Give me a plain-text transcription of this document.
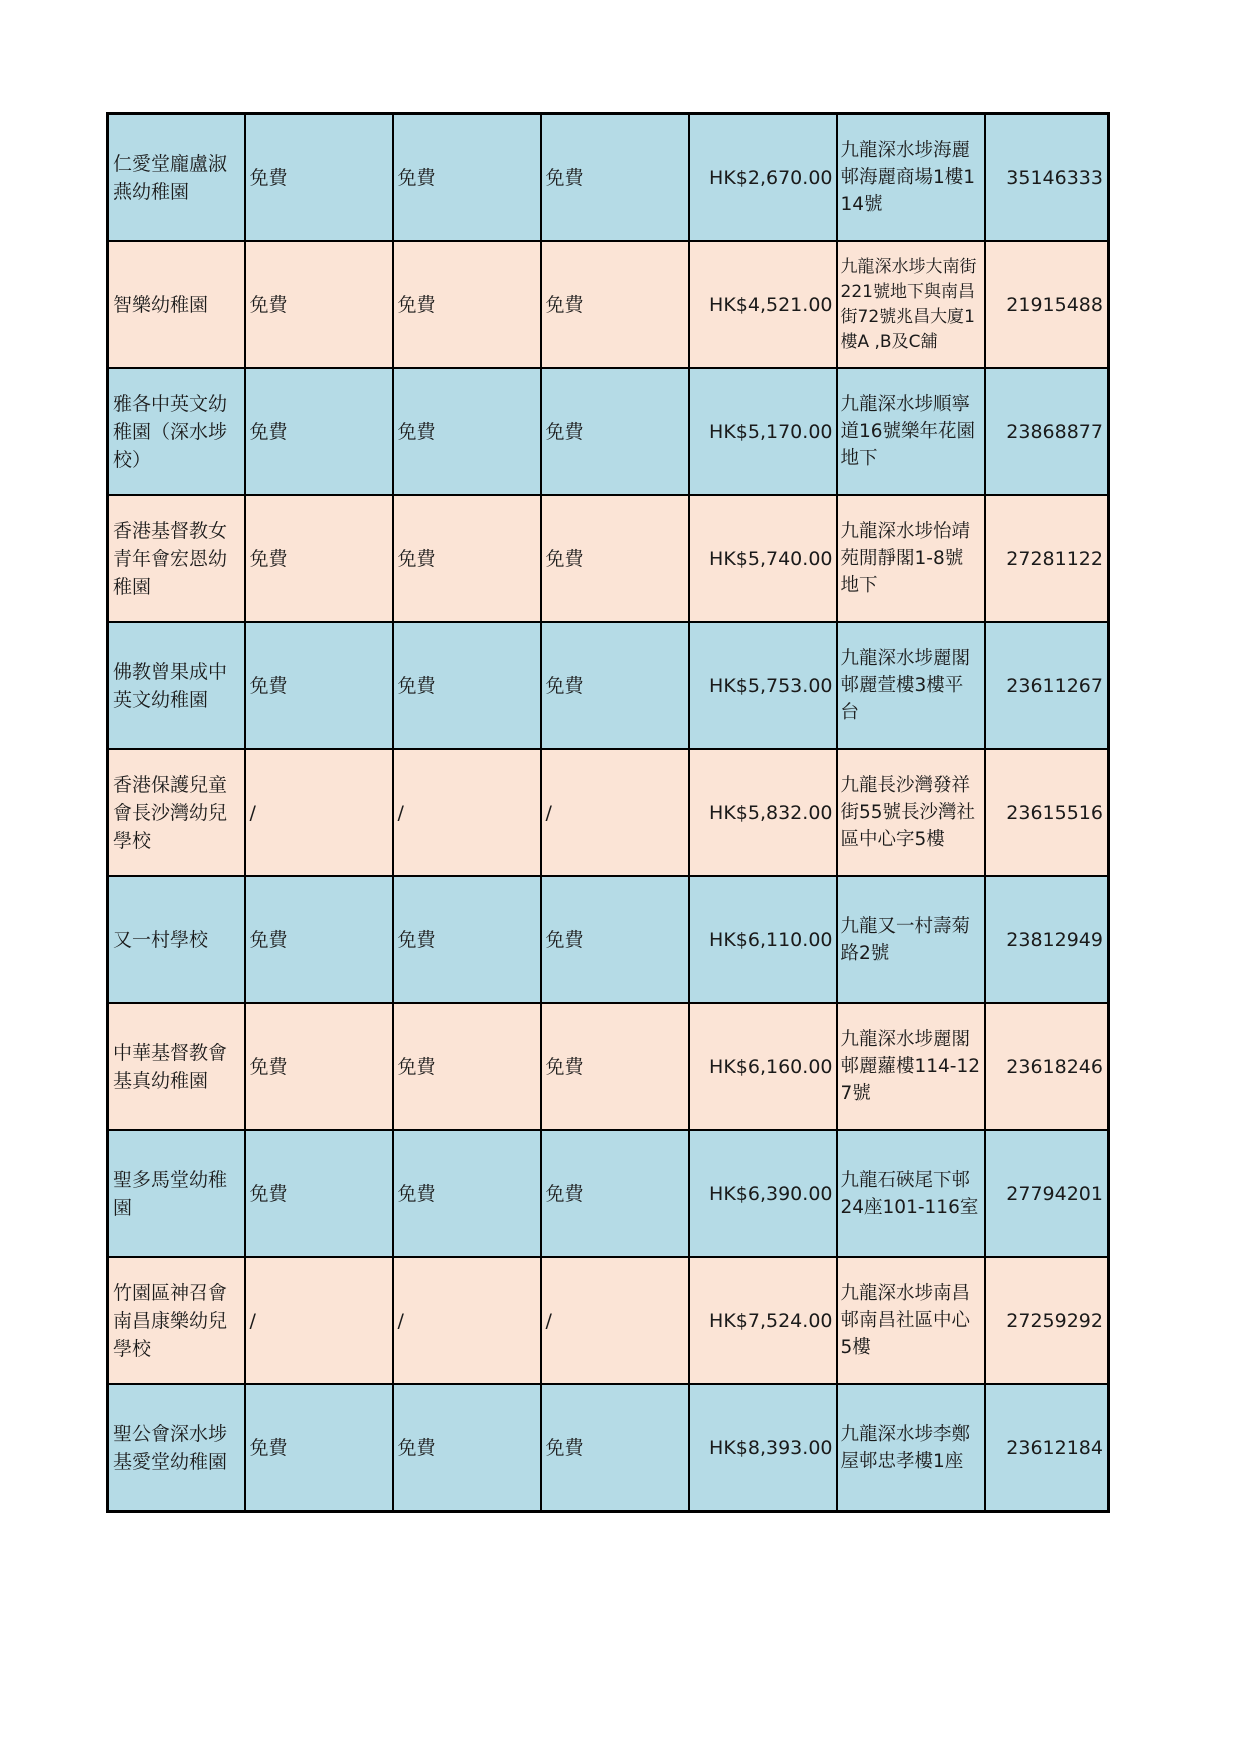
仁愛堂龐盧淑燕幼稚園	免費	免費	免費	HK$2,670.00	九龍深水埗海麗邨海麗商場1樓114號	35146333
智樂幼稚園	免費	免費	免費	HK$4,521.00	九龍深水埗大南街221號地下與南昌街72號兆昌大廈1樓A ,B及C舖	21915488
雅各中英文幼稚園（深水埗校）	免費	免費	免費	HK$5,170.00	九龍深水埗順寧道16號樂年花園地下	23868877
香港基督教女青年會宏恩幼稚園	免費	免費	免費	HK$5,740.00	九龍深水埗怡靖苑閒靜閣1-8號地下	27281122
佛教曾果成中英文幼稚園	免費	免費	免費	HK$5,753.00	九龍深水埗麗閣邨麗萱樓3樓平台	23611267
香港保護兒童會長沙灣幼兒學校	/	/	/	HK$5,832.00	九龍長沙灣發祥街55號長沙灣社區中心字5樓	23615516
又一村學校	免費	免費	免費	HK$6,110.00	九龍又一村壽菊路2號	23812949
中華基督教會基真幼稚園	免費	免費	免費	HK$6,160.00	九龍深水埗麗閣邨麗蘿樓114-127號	23618246
聖多馬堂幼稚園	免費	免費	免費	HK$6,390.00	九龍石硤尾下邨24座101-116室	27794201
竹園區神召會南昌康樂幼兒學校	/	/	/	HK$7,524.00	九龍深水埗南昌邨南昌社區中心5樓	27259292
聖公會深水埗基愛堂幼稚園	免費	免費	免費	HK$8,393.00	九龍深水埗李鄭屋邨忠孝樓1座	23612184
